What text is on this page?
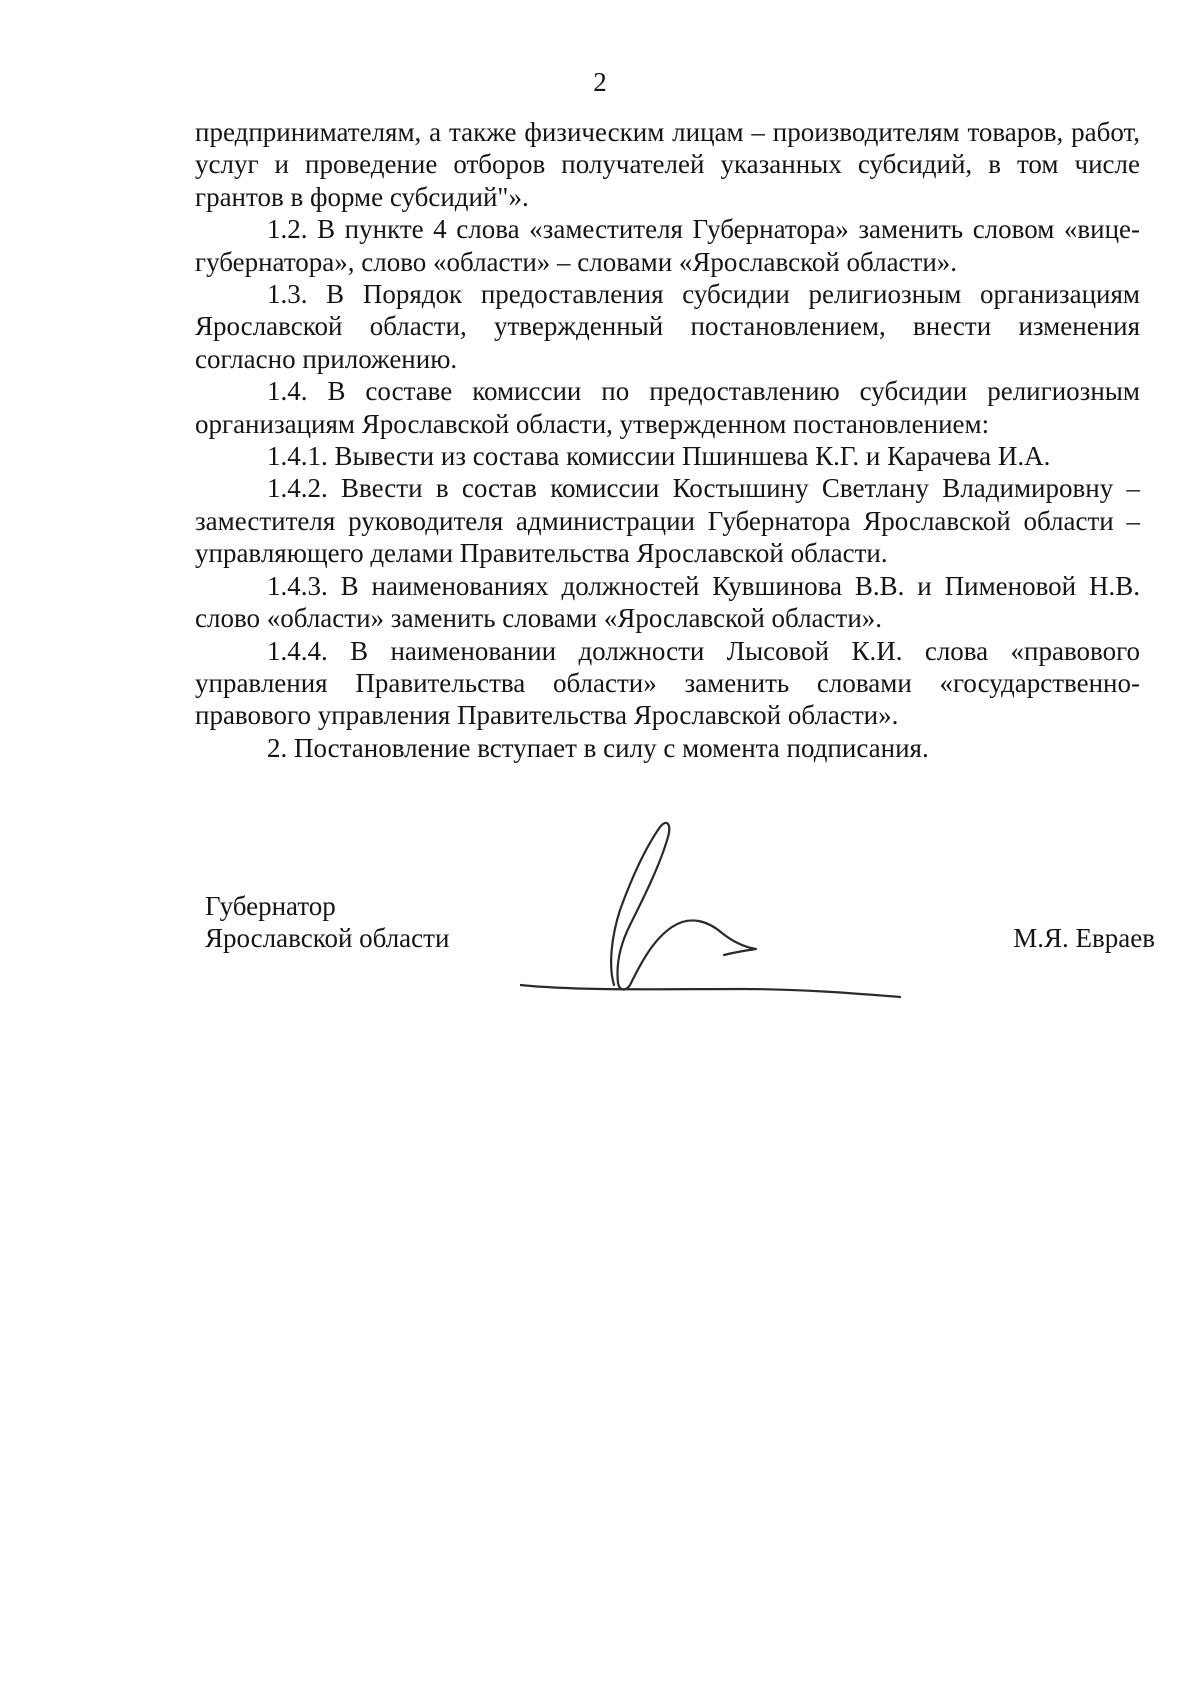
2

предпринимателям, а также физическим лицам – производителям товаров, работ, услуг и проведение отборов получателей указанных субсидий, в том числе грантов в форме субсидий"».

1.2. В пункте 4 слова «заместителя Губернатора» заменить словом «вице-губернатора», слово «области» – словами «Ярославской области».

1.3. В Порядок предоставления субсидии религиозным организациям Ярославской области, утвержденный постановлением, внести изменения согласно приложению.

1.4. В составе комиссии по предоставлению субсидии религиозным организациям Ярославской области, утвержденном постановлением:

1.4.1. Вывести из состава комиссии Пшиншева К.Г. и Карачева И.А.

1.4.2. Ввести в состав комиссии Костышину Светлану Владимировну – заместителя руководителя администрации Губернатора Ярославской области – управляющего делами Правительства Ярославской области.

1.4.3. В наименованиях должностей Кувшинова В.В. и Пименовой Н.В. слово «области» заменить словами «Ярославской области».

1.4.4. В наименовании должности Лысовой К.И. слова «правового управления Правительства области» заменить словами «государственно-правового управления Правительства Ярославской области».

2. Постановление вступает в силу с момента подписания.

Губернатор
Ярославской области	М.Я. Евраев
